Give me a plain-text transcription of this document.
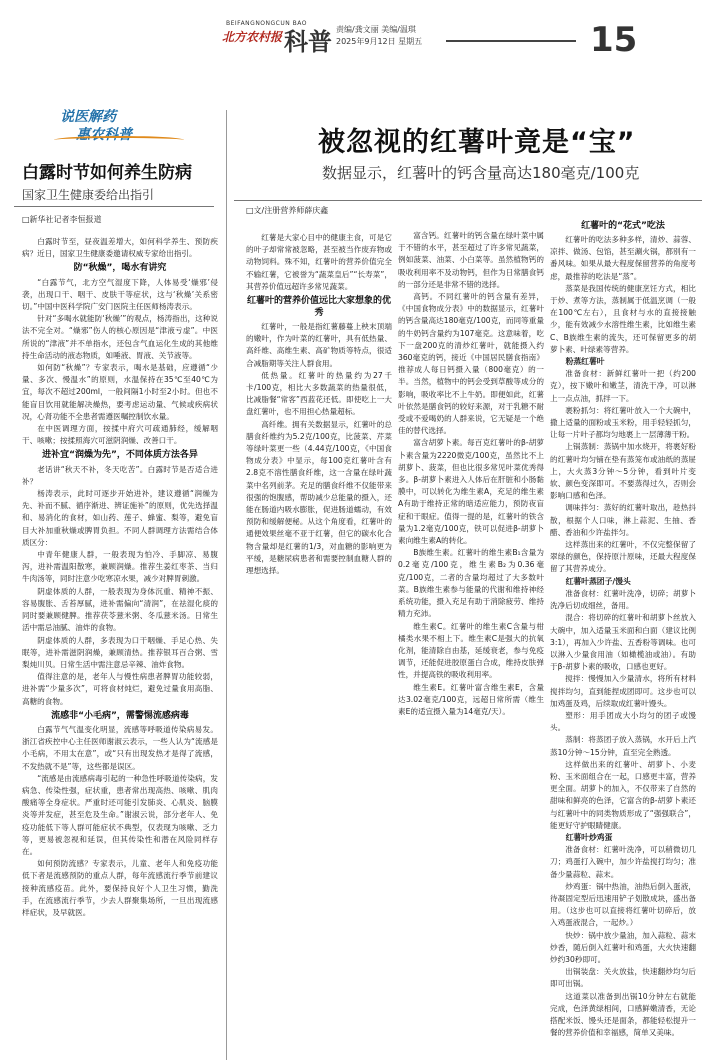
BEIFANGNONGCUN BAO
北方农村报 科普 责编/龚文丽 美编/温琪
2025年9月12日 星期五	15
说医解药
惠农科普
白露时节如何养生防病
国家卫生健康委给出指引
□新华社记者李恒报道

白露时节至，昼夜温差增大，如何科学养生、预防疾病？近日，国家卫生健康委邀请权威专家给出指引。

防“秋燥”，喝水有讲究

“白露节气，北方空气湿度下降，人体易受‘燥邪’侵袭，出现口干、咽干、皮肤干等症状，这与‘秋燥’关系密切。”中国中医科学院广安门医院主任医师杨涛表示。

针对“多喝水就能防‘秋燥’”的观点，杨涛指出，这种说法不完全对。“燥邪”伤人的核心原因是“津液亏虚”。中医所说的“津液”并不单指水，还包含气血运化生成的其他维持生命活动的液态物质，如唾液、胃液、关节液等。

如何防“秋燥”？专家表示，喝水是基础，应遵循“少量、多次、慢温水”的原则，水温保持在35℃至40℃为宜，每次不超过200ml，一般间隔1小时至2小时。但也不能盲目饮用就能解决燥热，要考虑运动量、气候或疾病状况，心肾功能不全患者需遵医嘱控制饮水量。

在中医调理方面，按揉中府穴可疏通肺经，缓解咽干、咳嗽；按揉照海穴可滋阴润燥、改善口干。

进补宜“润燥为先”，不同体质方法各异

老话讲“秋天不补，冬天吃苦”。白露时节是否适合进补？

杨涛表示，此时可逐步开始进补，建议遵循“润燥为先、补而不腻、循序渐进、辨证施补”的原则，优先选择温和、易消化的食材，如山药、莲子、蜂蜜、梨等，避免盲目大补加重秋燥或脾胃负担。不同人群调理方法需结合体质区分：

中青年健康人群，一般表现为怕冷、手脚凉、易腹泻，进补需温阳散寒，兼顾润燥。推荐生姜红枣茶、当归牛肉汤等，同时注意少吃寒凉水果，减少对脾胃刺激。

阴虚体质的人群，一般表现为身体沉重、精神不振、容易腹胀、舌苔厚腻，进补需偏向“清润”，在祛湿化痰的同时要兼顾健脾。推荐茯苓薏米粥、冬瓜薏米汤。日常生活中需忌油腻、油炸的食物。

阴虚体质的人群，多表现为口干咽燥、手足心热、失眠等，进补需滋阴润燥，兼顾清热。推荐银耳百合粥、雪梨炖川贝。日常生活中需注意忌辛辣、油炸食物。

值得注意的是，老年人与慢性病患者脾胃功能较弱，进补需“少量多次”，可将食材炖烂，避免过量食用高脂、高糖的食物。

流感非“小毛病”，需警惕流感病毒

白露节气气温变化明显，流感等呼吸道传染病易发。浙江省疾控中心主任医师谢淑云表示，一些人认为“流感是小毛病，不用太在意”，或“只有出现发热才是得了流感，不发热就不是”等，这些都是误区。

“流感是由流感病毒引起的一种急性呼吸道传染病，发病急、传染性强，症状重，患者常出现高热、咳嗽、肌肉酸痛等全身症状。严重时还可能引发肺炎、心肌炎、脑膜炎等并发症，甚至危及生命。”谢淑云说，部分老年人、免疫功能低下等人群可能症状不典型，仅表现为咳嗽、乏力等，更易被忽视和延误，但其传染性和潜在风险同样存在。

如何预防流感？专家表示，儿童、老年人和免疫功能低下者是流感预防的重点人群，每年流感流行季节前建议接种流感疫苗。此外，要保持良好个人卫生习惯，勤洗手，在流感流行季节，少去人群聚集场所，一旦出现流感样症状，及早就医。

被忽视的红薯叶竟是“宝”
数据显示，红薯叶的钙含量高达180毫克/100克
□文/注册营养师薛庆鑫

红薯是大家心目中的健康主食，可是它的叶子却常常被忽略，甚至被当作废弃物或动物饲料。殊不知，红薯叶的营养价值完全不输红薯，它被誉为“蔬菜皇后”“长寿菜”，其营养价值远超许多常见蔬菜。

红薯叶的营养价值远比大家想象的优秀

红薯叶，一般是指红薯藤蔓上秧末顶端的嫩叶，作为叶菜的红薯叶，具有低热量、高纤维、高维生素、高矿物质等特点，很适合减脂期等关注人群食用。

低热量。红薯叶的热量约为27千卡/100克，相比大多数蔬菜的热量很低，比减脂餐“常客”西蓝花还低。即使吃上一大盘红薯叶，也不用担心热量超标。

高纤维。拥有关数据显示，红薯叶的总膳食纤维约为5.2克/100克，比菠菜、芹菜等绿叶菜更一些（4.44克/100克，《中国食物成分表》中显示，每100克红薯叶含有2.8克不溶性膳食纤维，这一含量在绿叶蔬菜中名列前茅。充足的膳食纤维不仅能带来很强的饱腹感，帮助减少总能量的摄入，还能在肠道内吸水膨胀，促进肠道蠕动，有效预防和缓解便秘。从这个角度看，红薯叶的通便效果丝毫不亚于红薯，但它的碳水化合物含量却是红薯的1/3，对血糖的影响更为平缓，是糖尿病患者和需要控制血糖人群的理想选择。

富含钙。红薯叶的钙含量在绿叶菜中属于不错的水平，甚至超过了许多常见蔬菜，例如菠菜、油菜、小白菜等。虽然植物钙的吸收利用率不及动物钙，但作为日常膳食钙的一部分还是非常不错的选择。

高钙。不同红薯叶的钙含量有差异，《中国食物成分表》中的数据显示，红薯叶的钙含量高达180毫克/100克，而同等重量的牛奶钙含量约为107毫克。这意味着，吃下一盘200克的清炒红薯叶，就能摄入约360毫克的钙，接近《中国居民膳食指南》推荐成人每日钙摄入量（800毫克）的一半。当然，植物中的钙会受到草酸等成分的影响，吸收率比不上牛奶。即便如此，红薯叶依然是膳食钙的较好来源，对于乳糖不耐受或不爱喝奶的人群来说，它无疑是一个绝佳的替代选择。

富含胡萝卜素。每百克红薯叶的β-胡萝卜素含量为2220微克/100克，虽然比不上胡萝卜、菠菜，但也比很多常见叶菜优秀得多。β-胡萝卜素进入人体后在肝脏和小肠黏膜中，可以转化为维生素A，充足的维生素A有助于维持正常的暗适应能力，预防夜盲症和干眼症。值得一提的是，红薯叶的铁含量为1.2毫克/100克，铁可以促进β-胡萝卜素向维生素A的转化。

B族维生素。红薯叶的维生素B₁含量为0.2毫克/100克，维生素B₂为0.36毫克/100克，二者的含量均超过了大多数叶菜。B族维生素参与能量的代谢和维持神经系统功能，摄入充足有助于消除疲劳、维持精力充沛。

维生素C。红薯叶的维生素C含量与柑橘类水果不相上下。维生素C是强大的抗氧化剂，能清除自由基，延缓衰老，参与免疫调节，还能促进胶原蛋白合成，维持皮肤弹性，并提高铁的吸收利用率。

维生素E。红薯叶富含维生素E，含量达3.02毫克/100克，远超日常所需（维生素E的适宜摄入量为14毫克/天）。

红薯叶的“花式”吃法

红薯叶的吃法多种多样，清炒、蒜蓉、凉拌、做汤、包馅，甚至涮火锅，都别有一番风味。如果从最大程度保留营养的角度考虑，最推荐的吃法是“蒸”。

蒸菜是我国传统的健康烹饪方式，相比于炒、煮等方法，蒸制属于低温烹调（一般在100℃左右），且食材与水的直接接触少，能有效减少水溶性维生素，比如维生素C、B族维生素的流失，还可保留更多的胡萝卜素、叶绿素等营养。

粉蒸红薯叶

准备食材：新鲜红薯叶一把（约200克），按下嫩叶和嫩茎，清洗干净，可以淋上一点点油，抓拌一下。

裹粉抓匀：将红薯叶放入一个大碗中，撒上适量的面粉或玉米粉，用手轻轻抓匀，让每一片叶子都均匀地裹上一层薄薄干粉。

上锅蒸制：蒸锅中加水烧开，将裹好粉的红薯叶均匀铺在垫有蒸笼布或油纸的蒸屉上，大火蒸3分钟～5分钟，看到叶片变软、颜色变深即可。不要蒸得过久，否则会影响口感和色泽。

调味拌匀：蒸好的红薯叶取出，趁热抖散，根据个人口味，淋上蒜泥、生抽、香醋、香油和少许盐拌匀。

这样蒸出来的红薯叶，不仅完整保留了翠绿的颜色，保持原汁原味，还最大程度保留了其营养成分。

红薯叶蒸团子/馒头

准备食材：红薯叶洗净，切碎；胡萝卜洗净后切成细丝，备用。

混合：将切碎的红薯叶和胡萝卜丝放入大碗中，加入适量玉米面和白面（建议比例3:1），再加入少许盐、五香粉等调味。也可以淋入少量食用油（如橄榄油或油）。有助于β-胡萝卜素的吸收，口感也更好。

搅拌：慢慢加入少量清水，将所有材料搅拌均匀，直到能捏成团即可。这步也可以加鸡蛋及鸡，后续取成红薯叶馒头。

塑形：用手团成大小均匀的团子或馒头。

蒸制：将蒸团子放入蒸锅，水开后上汽蒸10分钟～15分钟，直至完全熟透。

这样做出来的红薯叶、胡萝卜、小麦粉、玉米面组合在一起，口感更丰富，营养更全面。胡萝卜的加入，不仅带来了自然的甜味和鲜亮的色泽，它富含的β-胡萝卜素还与红薯叶中的同类物质形成了“强强联合”，能更好守护眼睛健康。

红薯叶炒鸡蛋

准备食材：红薯叶洗净，可以稍微切几刀；鸡蛋打入碗中，加少许盐搅打均匀；准备少量蒜粒、蒜末。

炒鸡蛋：锅中热油，油热后倒入蛋液，待凝固定型后迅速用铲子划散成块，盛出备用。（这步也可以直接将红薯叶切碎后，放入鸡蛋液混合，一起炒。）

快炒：锅中放少量油，加入蒜粒、蒜末炒香，随后倒入红薯叶和鸡蛋，大火快速翻炒约30秒即可。

出锅装盘：关火放盐，快速翻炒均匀后即可出锅。

这道菜以准备到出锅10分钟左右就能完成，色泽黄绿相间，口感鲜嫩清香，无论搭配米饭、馒头还是面条，都能轻松提升一餐的营养价值和幸福感，简单又美味。
